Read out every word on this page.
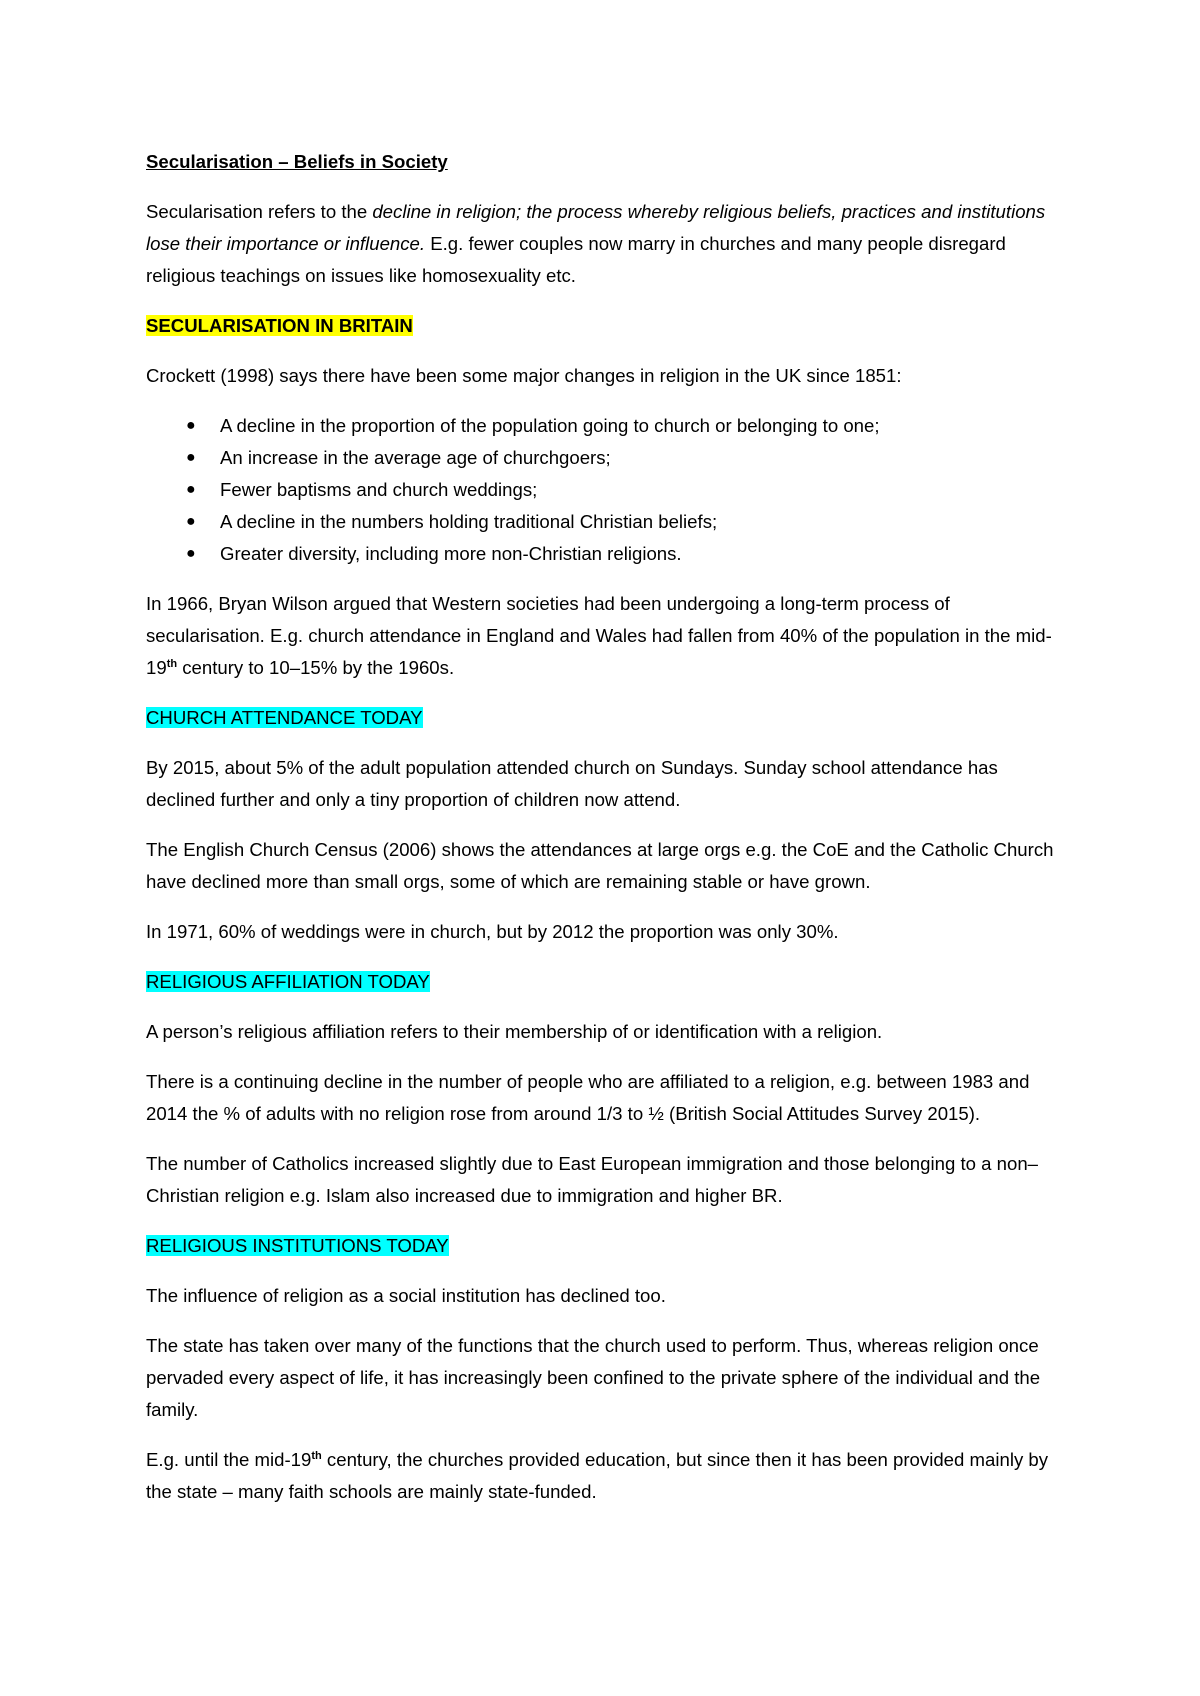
Secularisation – Beliefs in Society

Secularisation refers to the decline in religion; the process whereby religious beliefs, practices and institutions lose their importance or influence. E.g. fewer couples now marry in churches and many people disregard religious teachings on issues like homosexuality etc.

SECULARISATION IN BRITAIN

Crockett (1998) says there have been some major changes in religion in the UK since 1851:

● A decline in the proportion of the population going to church or belonging to one;
● An increase in the average age of churchgoers;
● Fewer baptisms and church weddings;
● A decline in the numbers holding traditional Christian beliefs;
● Greater diversity, including more non-Christian religions.

In 1966, Bryan Wilson argued that Western societies had been undergoing a long-term process of secularisation. E.g. church attendance in England and Wales had fallen from 40% of the population in the mid-19th century to 10–15% by the 1960s.

CHURCH ATTENDANCE TODAY

By 2015, about 5% of the adult population attended church on Sundays. Sunday school attendance has declined further and only a tiny proportion of children now attend.

The English Church Census (2006) shows the attendances at large orgs e.g. the CoE and the Catholic Church have declined more than small orgs, some of which are remaining stable or have grown.

In 1971, 60% of weddings were in church, but by 2012 the proportion was only 30%.

RELIGIOUS AFFILIATION TODAY

A person’s religious affiliation refers to their membership of or identification with a religion.

There is a continuing decline in the number of people who are affiliated to a religion, e.g. between 1983 and 2014 the % of adults with no religion rose from around 1/3 to ½ (British Social Attitudes Survey 2015).

The number of Catholics increased slightly due to East European immigration and those belonging to a non–Christian religion e.g. Islam also increased due to immigration and higher BR.

RELIGIOUS INSTITUTIONS TODAY

The influence of religion as a social institution has declined too.

The state has taken over many of the functions that the church used to perform. Thus, whereas religion once pervaded every aspect of life, it has increasingly been confined to the private sphere of the individual and the family.

E.g. until the mid-19th century, the churches provided education, but since then it has been provided mainly by the state – many faith schools are mainly state-funded.
